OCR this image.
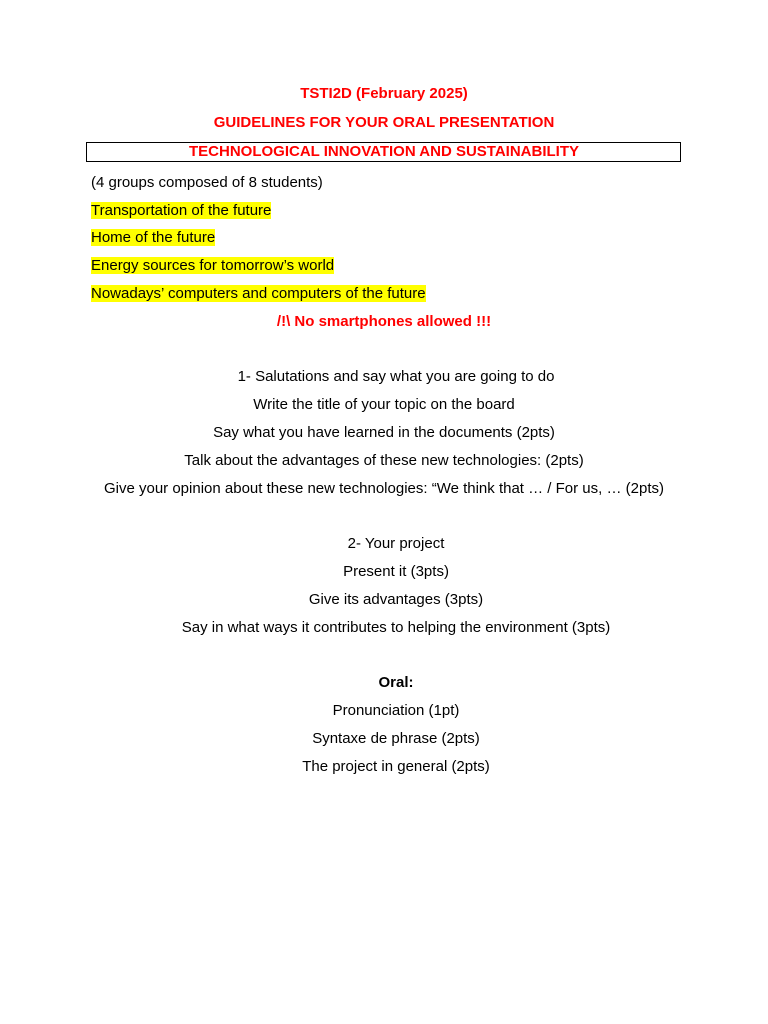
TSTI2D (February 2025)
GUIDELINES FOR YOUR ORAL PRESENTATION
TECHNOLOGICAL INNOVATION AND SUSTAINABILITY
(4 groups composed of 8 students)
Transportation of the future
Home of the future
Energy sources for tomorrow’s world
Nowadays’ computers and computers of the future
/!\ No smartphones allowed !!!
1- Salutations and say what you are going to do
Write the title of your topic on the board
Say what you have learned in the documents (2pts)
Talk about the advantages of these new technologies: (2pts)
Give your opinion about these new technologies: “We think that … / For us, … (2pts)
2- Your project
Present it (3pts)
Give its advantages (3pts)
Say in what ways it contributes to helping the environment (3pts)
Oral:
Pronunciation (1pt)
Syntaxe de phrase (2pts)
The project in general (2pts)
